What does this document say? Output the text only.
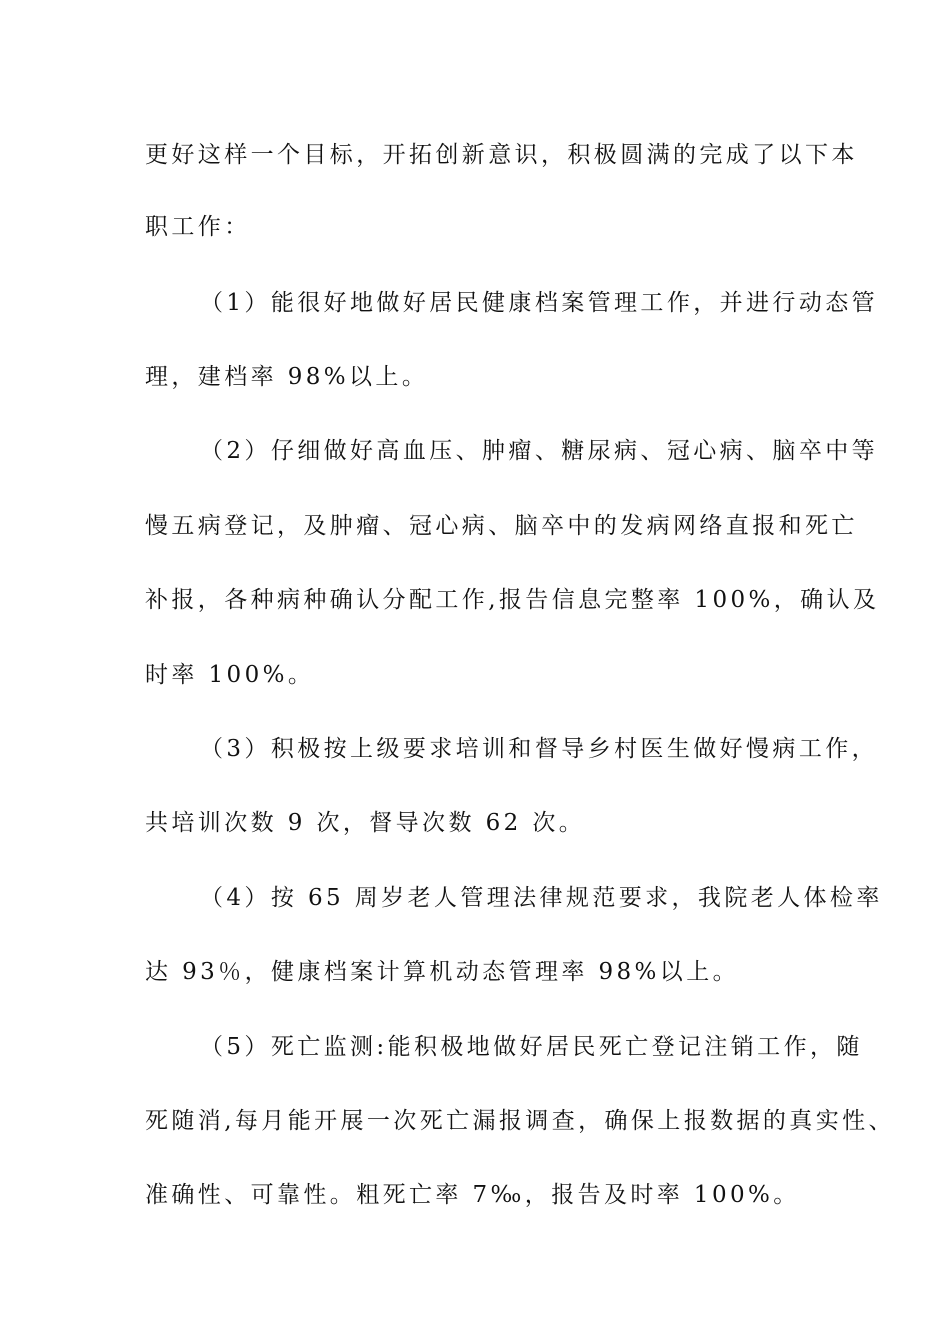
更好这样一个目标，开拓创新意识，积极圆满的完成了以下本
职工作：
（1）能很好地做好居民健康档案管理工作，并进行动态管
理，建档率 98%以上。
（2）仔细做好高血压、肿瘤、糖尿病、冠心病、脑卒中等
慢五病登记，及肿瘤、冠心病、脑卒中的发病网络直报和死亡
补报，各种病种确认分配工作,报告信息完整率 100%，确认及
时率 100%。
（3）积极按上级要求培训和督导乡村医生做好慢病工作，
共培训次数 9 次，督导次数 62 次。
（4）按 65 周岁老人管理法律规范要求，我院老人体检率
达 93％，健康档案计算机动态管理率 98%以上。
（5）死亡监测:能积极地做好居民死亡登记注销工作，随
死随消,每月能开展一次死亡漏报调查，确保上报数据的真实性、
准确性、可靠性。粗死亡率 7‰，报告及时率 100%。
